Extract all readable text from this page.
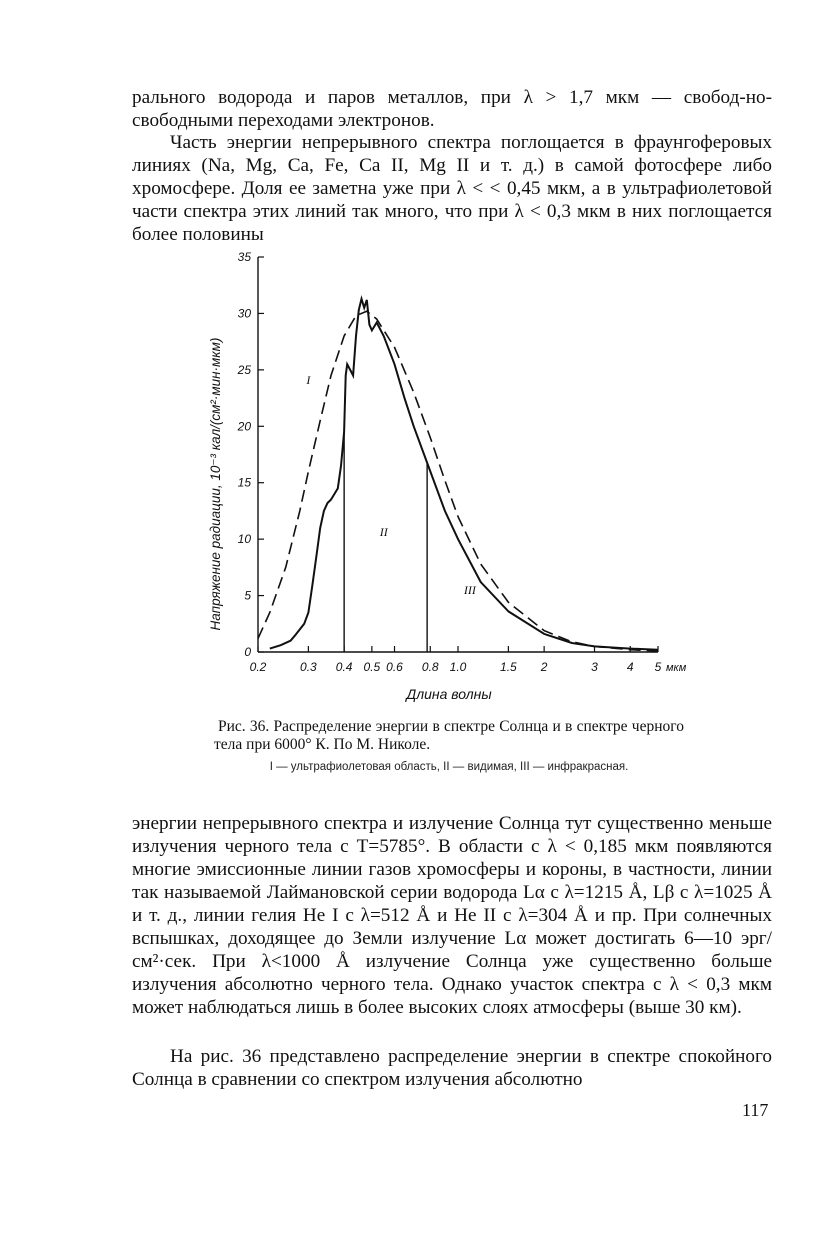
рального водорода и паров металлов, при λ > 1,7 мкм — свобод-но-свободными переходами электронов.

Часть энергии непрерывного спектра поглощается в фраунгоферовых линиях (Na, Mg, Ca, Fe, Ca II, Mg II и т. д.) в самой фотосфере либо хромосфере. Доля ее заметна уже при λ < < 0,45 мкм, а в ультрафиолетовой части спектра этих линий так много, что при λ < 0,3 мкм в них поглощается более половины

0.2	0.3 0.4 0.5 0.6 0.8 1.0	1.5 2	3 4 5 мкм
0
5
10
15
20
25
30
35
I
II
III
Длина волны
Напряжение радиации, 10⁻³ кал/(см²·мин·мкм)

Рис. 36. Распределение энергии в спектре Солнца и в спектре черного тела при 6000° К. По М. Николе.

I — ультрафиолетовая область, II — видимая, III — инфракрасная.

энергии непрерывного спектра и излучение Солнца тут существенно меньше излучения черного тела с T=5785°. В области с λ < 0,185 мкм появляются многие эмиссионные линии газов хромосферы и короны, в частности, линии так называемой Лаймановской серии водорода Lα с λ=1215 Å, Lβ с λ=1025 Å и т. д., линии гелия He I с λ=512 Å и He II с λ=304 Å и пр. При солнечных вспышках, доходящее до Земли излучение Lα может достигать 6—10 эрг/см²·сек. При λ<1000 Å излучение Солнца уже существенно больше излучения абсолютно черного тела. Однако участок спектра с λ < 0,3 мкм может наблюдаться лишь в более высоких слоях атмосферы (выше 30 км).

На рис. 36 представлено распределение энергии в спектре спокойного Солнца в сравнении со спектром излучения абсолютно

117
